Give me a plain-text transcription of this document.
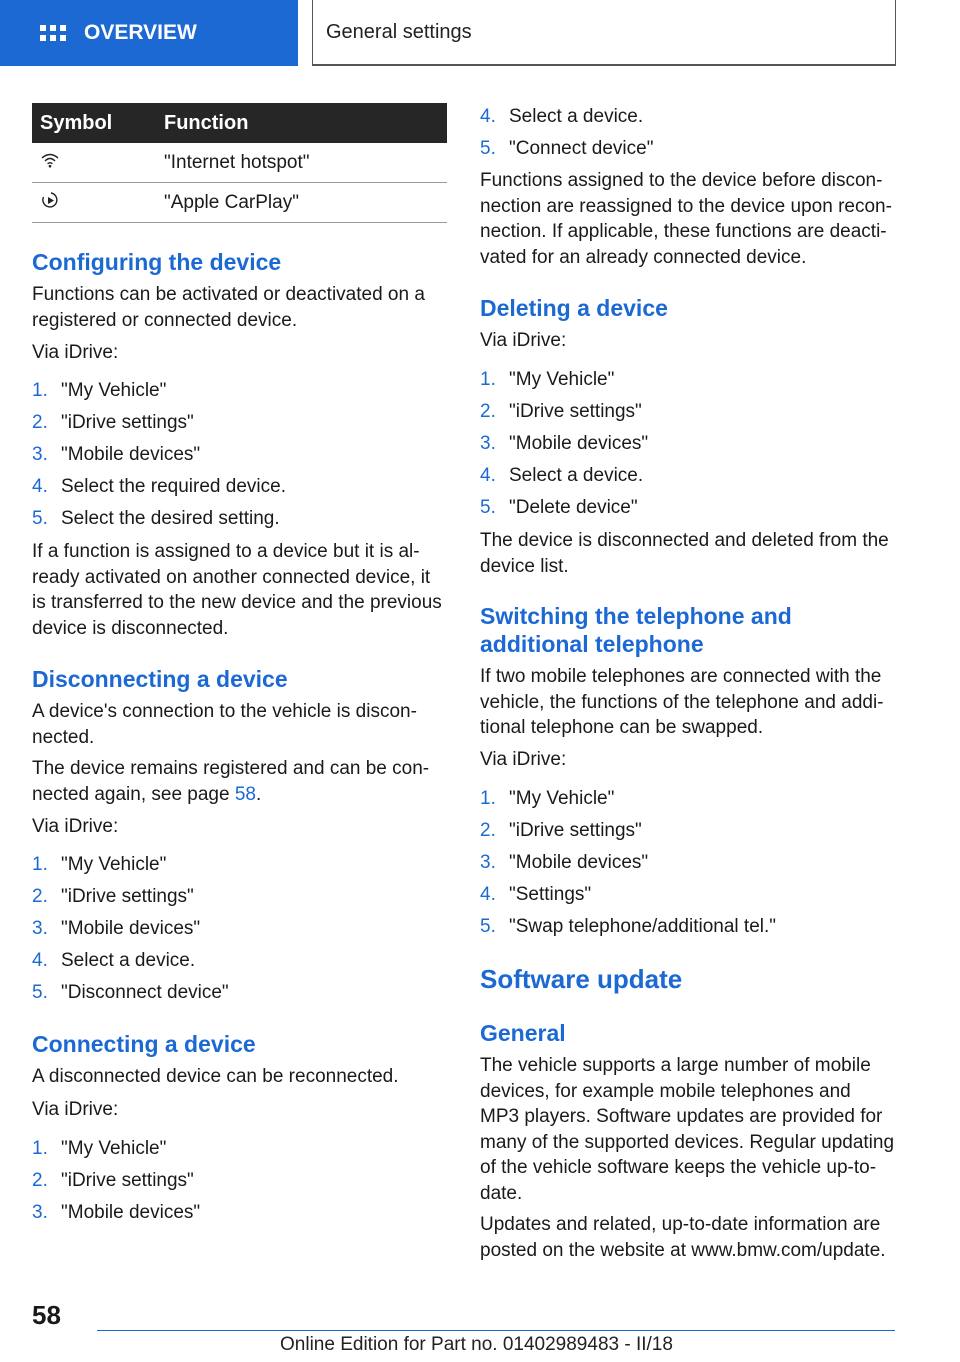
OVERVIEW	General settings
Symbol	Function
	"Internet hotspot"
	"Apple CarPlay"
Configuring the device

Functions can be activated or deactivated on a
registered or connected device.

Via iDrive:

1. "My Vehicle"
2. "iDrive settings"
3. "Mobile devices"
4. Select the required device.
5. Select the desired setting.

If a function is assigned to a device but it is al-
ready activated on another connected device, it
is transferred to the new device and the previous
device is disconnected.

Disconnecting a device

A device's connection to the vehicle is discon-
nected.

The device remains registered and can be con-
nected again, see page 58.

Via iDrive:

1. "My Vehicle"
2. "iDrive settings"
3. "Mobile devices"
4. Select a device.
5. "Disconnect device"
Connecting a device

A disconnected device can be reconnected.

Via iDrive:

1. "My Vehicle"
2. "iDrive settings"
3. "Mobile devices"
4. Select a device.
5. "Connect device"

Functions assigned to the device before discon-
nection are reassigned to the device upon recon-
nection. If applicable, these functions are deacti-
vated for an already connected device.

Deleting a device

Via iDrive:

1. "My Vehicle"
2. "iDrive settings"
3. "Mobile devices"
4. Select a device.
5. "Delete device"

The device is disconnected and deleted from the
device list.

Switching the telephone and
additional telephone

If two mobile telephones are connected with the
vehicle, the functions of the telephone and addi-
tional telephone can be swapped.

Via iDrive:

1. "My Vehicle"
2. "iDrive settings"
3. "Mobile devices"
4. "Settings"
5. "Swap telephone/additional tel."
Software update
General

The vehicle supports a large number of mobile
devices, for example mobile telephones and
MP3 players. Software updates are provided for
many of the supported devices. Regular updating
of the vehicle software keeps the vehicle up-to-
date.

Updates and related, up-to-date information are
posted on the website at www.bmw.com/update.

58
Online Edition for Part no. 01402989483 - II/18
